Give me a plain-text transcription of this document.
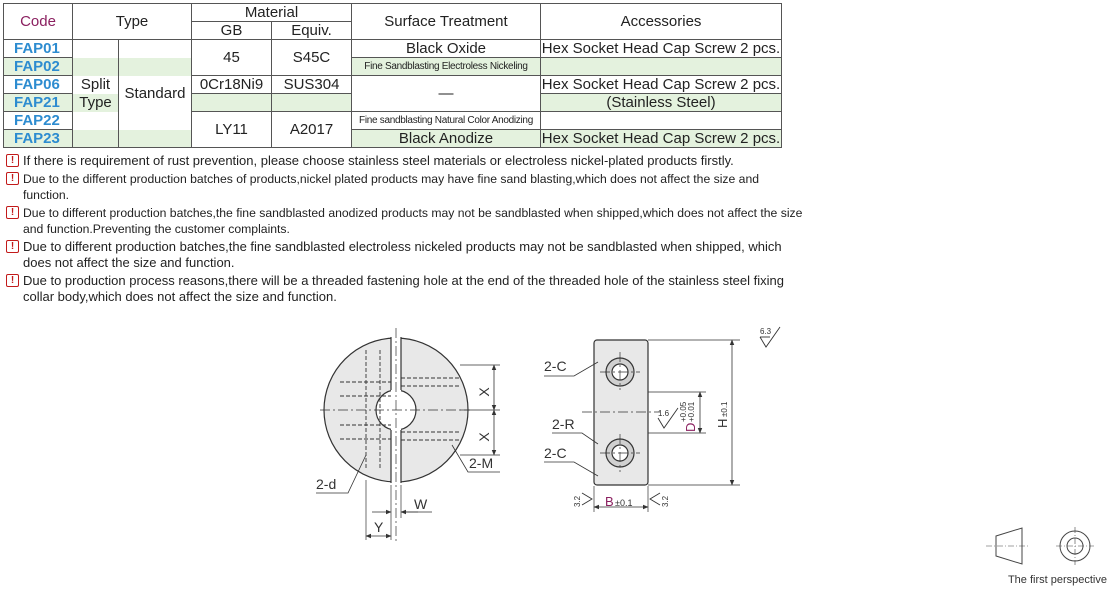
Code	Type		Material		Surface Treatment	Accessories
			GB	Equiv.		
FAP01			45	S45C	Black Oxide	Hex Socket Head Cap Screw 2 pcs.
FAP02					Fine Sandblasting Electroless Nickeling	
FAP06	Split	Standard	0Cr18Ni9	SUS304	—	Hex Socket Head Cap Screw 2 pcs.
FAP21	Type					(Stainless Steel)
FAP22			LY11	A2017	Fine sandblasting Natural Color Anodizing	
FAP23					Black Anodize	Hex Socket Head Cap Screw 2 pcs.
! If there is requirement of rust prevention, please choose stainless steel materials or electroless nickel-plated products firstly.
! Due to the different production batches of products,nickel plated products may have fine sand blasting,which does not affect the size and function.
! Due to different production batches,the fine sandblasted anodized products may not be sandblasted when shipped,which does not affect the size and function.Preventing the customer complaints.
! Due to different production batches,the fine sandblasted electroless nickeled products may not be sandblasted when shipped, which does not affect the size and function.
! Due to production process reasons,there will be a threaded fastening hole at the end of the threaded hole of the stainless steel fixing collar body,which does not affect the size and function.
2-d
2-M
W
Y
X
X
2-C
2-R
2-C
B ±0.1
D
+0.05 +0.01
H
±0.1
6.3
1.6
3.2	3.2
The first perspective
